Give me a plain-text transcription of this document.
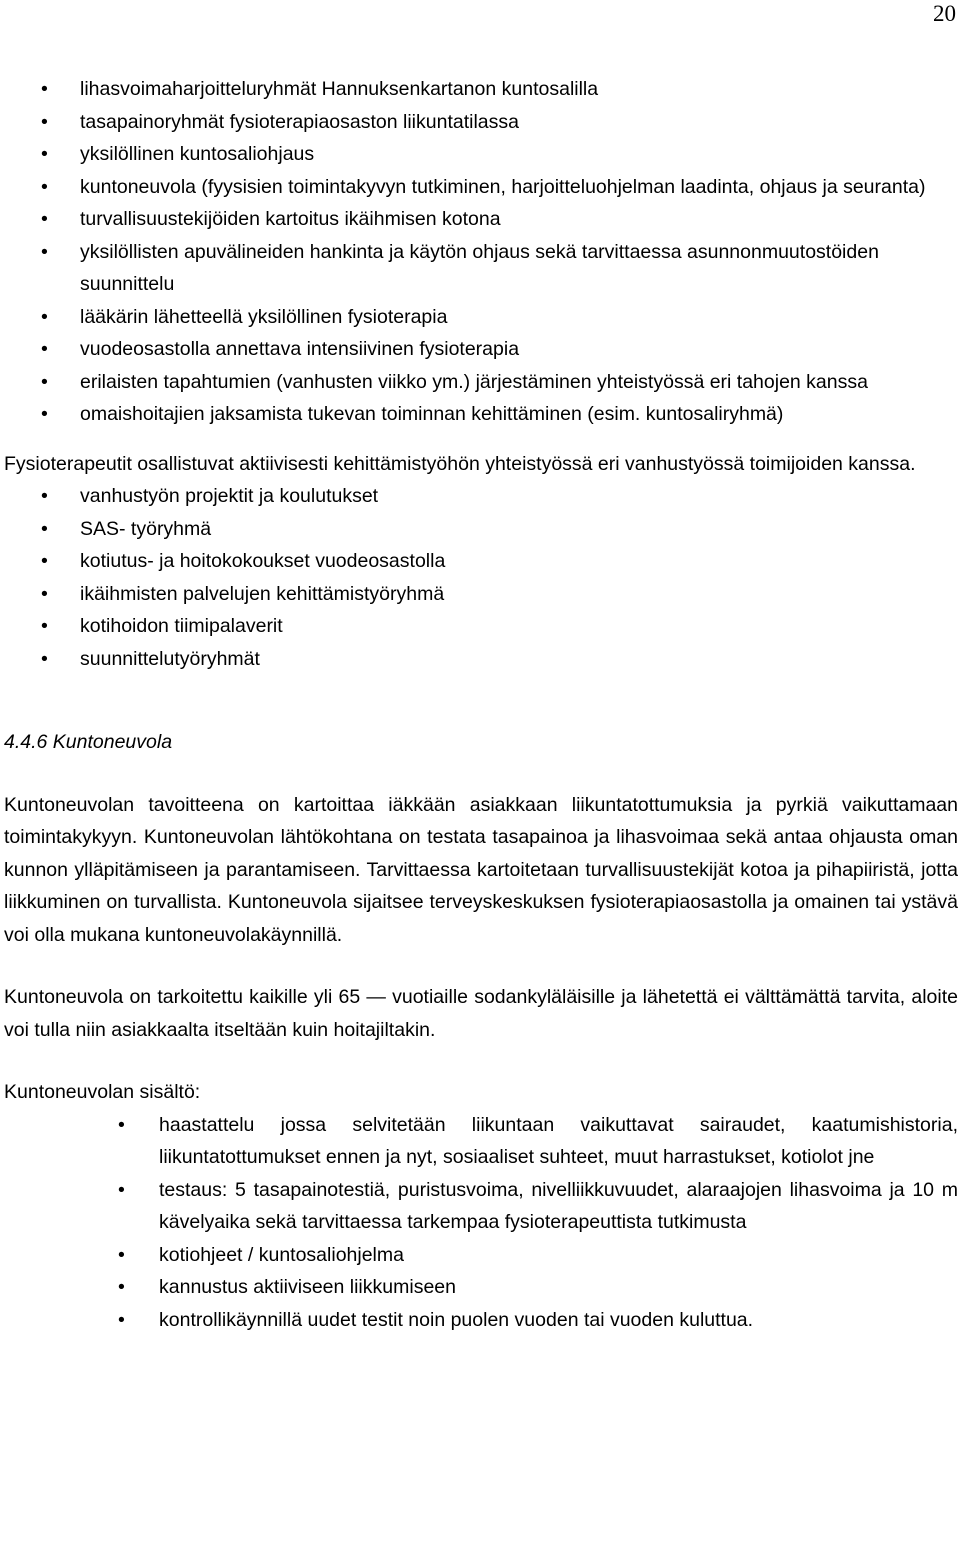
20
• lihasvoimaharjoitteluryhmät Hannuksenkartanon kuntosalilla
• tasapainoryhmät fysioterapiaosaston liikuntatilassa
• yksilöllinen kuntosaliohjaus
• kuntoneuvola (fyysisien toimintakyvyn tutkiminen, harjoitteluohjelman laadinta, ohjaus ja seuranta)
• turvallisuustekijöiden kartoitus ikäihmisen kotona
• yksilöllisten apuvälineiden hankinta ja käytön ohjaus sekä tarvittaessa asunnonmuutostöiden suunnittelu
• lääkärin lähetteellä yksilöllinen fysioterapia
• vuodeosastolla annettava intensiivinen fysioterapia
• erilaisten tapahtumien (vanhusten viikko ym.) järjestäminen yhteistyössä eri tahojen kanssa
• omaishoitajien jaksamista tukevan toiminnan kehittäminen (esim. kuntosaliryhmä)

Fysioterapeutit osallistuvat aktiivisesti kehittämistyöhön yhteistyössä eri vanhustyössä toimijoiden kanssa.

• vanhustyön projektit ja koulutukset
• SAS- työryhmä
• kotiutus- ja hoitokokoukset vuodeosastolla
• ikäihmisten palvelujen kehittämistyöryhmä
• kotihoidon tiimipalaverit
• suunnittelutyöryhmät

4.4.6 Kuntoneuvola

Kuntoneuvolan tavoitteena on kartoittaa iäkkään asiakkaan liikuntatottumuksia ja pyrkiä vaikuttamaan toimintakykyyn. Kuntoneuvolan lähtökohtana on testata tasapainoa ja lihasvoimaa sekä antaa ohjausta oman kunnon ylläpitämiseen ja parantamiseen. Tarvittaessa kartoitetaan turvallisuustekijät kotoa ja pihapiiristä, jotta liikkuminen on turvallista. Kuntoneuvola sijaitsee terveyskeskuksen fysioterapiaosastolla ja omainen tai ystävä voi olla mukana kuntoneuvolakäynnillä.

Kuntoneuvola on tarkoitettu kaikille yli 65 — vuotiaille sodankyläläisille ja lähetettä ei välttämättä tarvita, aloite voi tulla niin asiakkaalta itseltään kuin hoitajiltakin.

Kuntoneuvolan sisältö:

• haastattelu jossa selvitetään liikuntaan vaikuttavat sairaudet, kaatumishistoria, liikuntatottumukset ennen ja nyt, sosiaaliset suhteet, muut harrastukset, kotiolot jne
• testaus: 5 tasapainotestiä, puristusvoima, nivelliikkuvuudet, alaraajojen lihasvoima ja 10 m kävelyaika sekä tarvittaessa tarkempaa fysioterapeuttista tutkimusta
• kotiohjeet / kuntosaliohjelma
• kannustus aktiiviseen liikkumiseen
• kontrollikäynnillä uudet testit noin puolen vuoden tai vuoden kuluttua.
